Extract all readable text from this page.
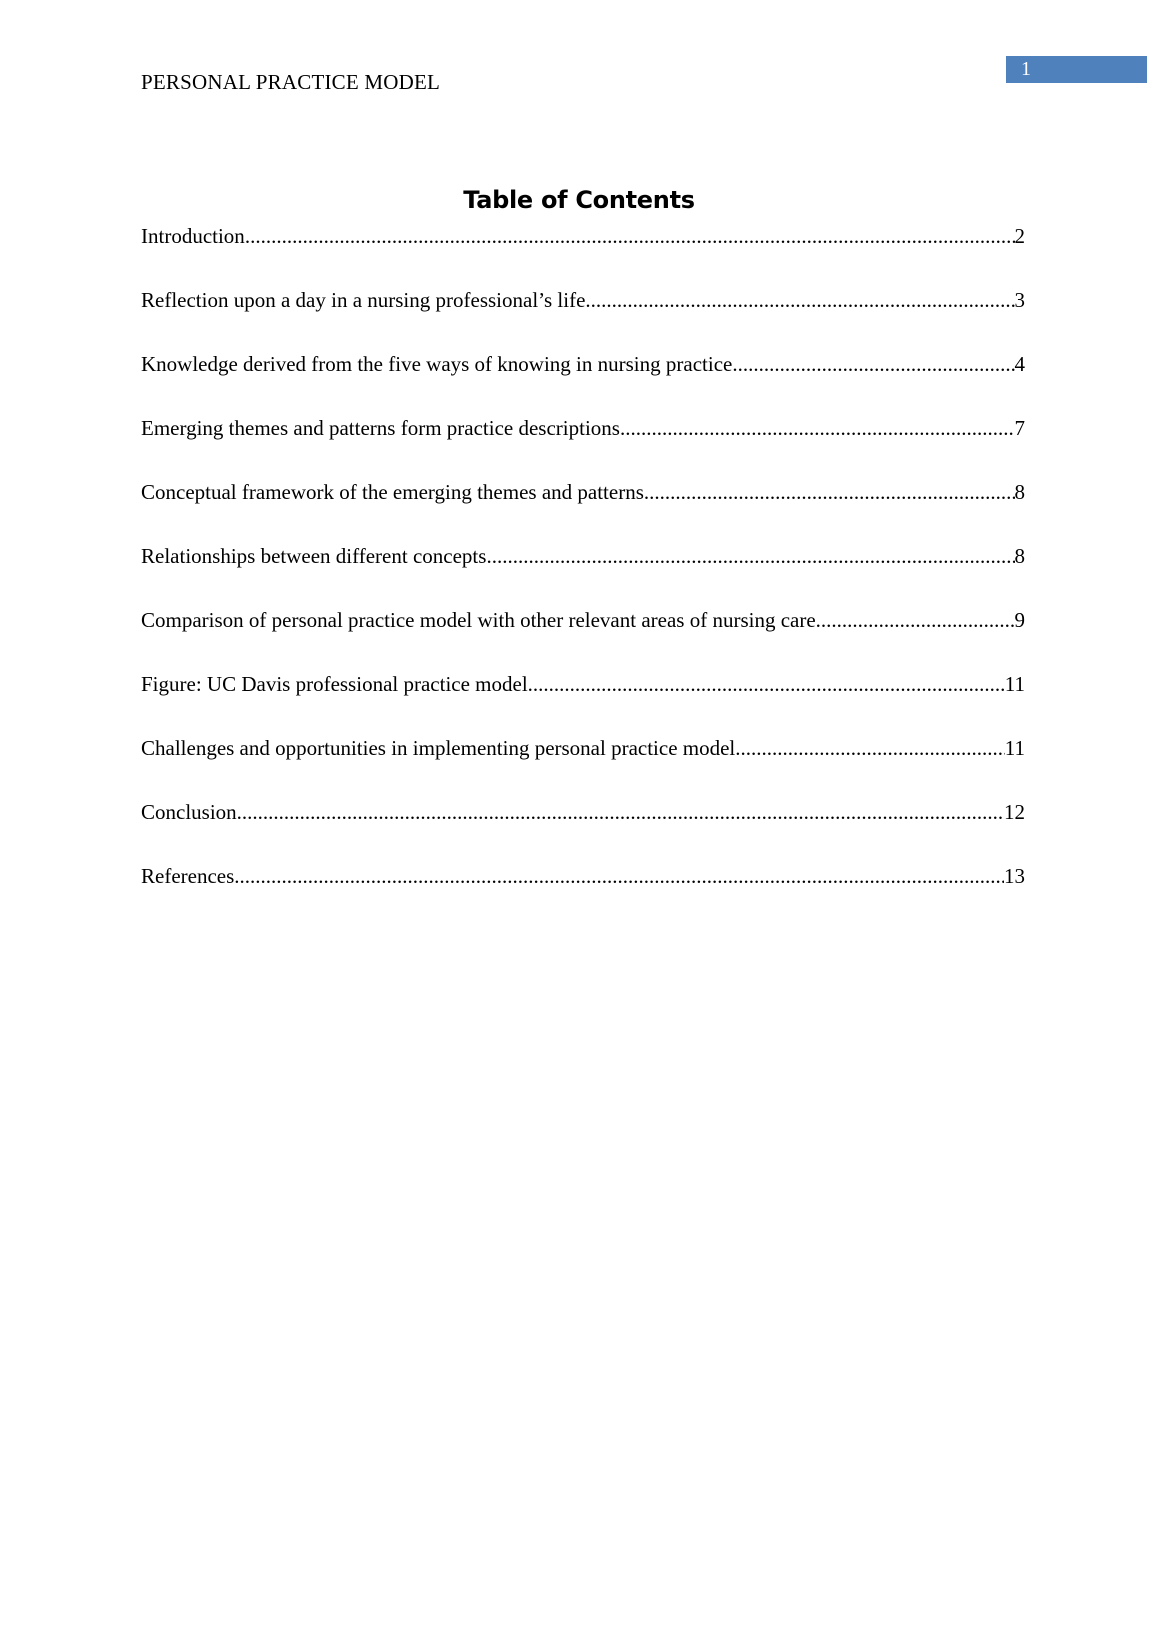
PERSONAL PRACTICE MODEL
1
Table of Contents
Introduction .....	2
Reflection upon a day in a nursing professional’s life .....	3
Knowledge derived from the five ways of knowing in nursing practice .....	4
Emerging themes and patterns form practice descriptions .....	7
Conceptual framework of the emerging themes and patterns .....	8
Relationships between different concepts .....	8
Comparison of personal practice model with other relevant areas of nursing care .....	9
Figure: UC Davis professional practice model .....	11
Challenges and opportunities in implementing personal practice model .....	11
Conclusion .....	12
References .....	13
